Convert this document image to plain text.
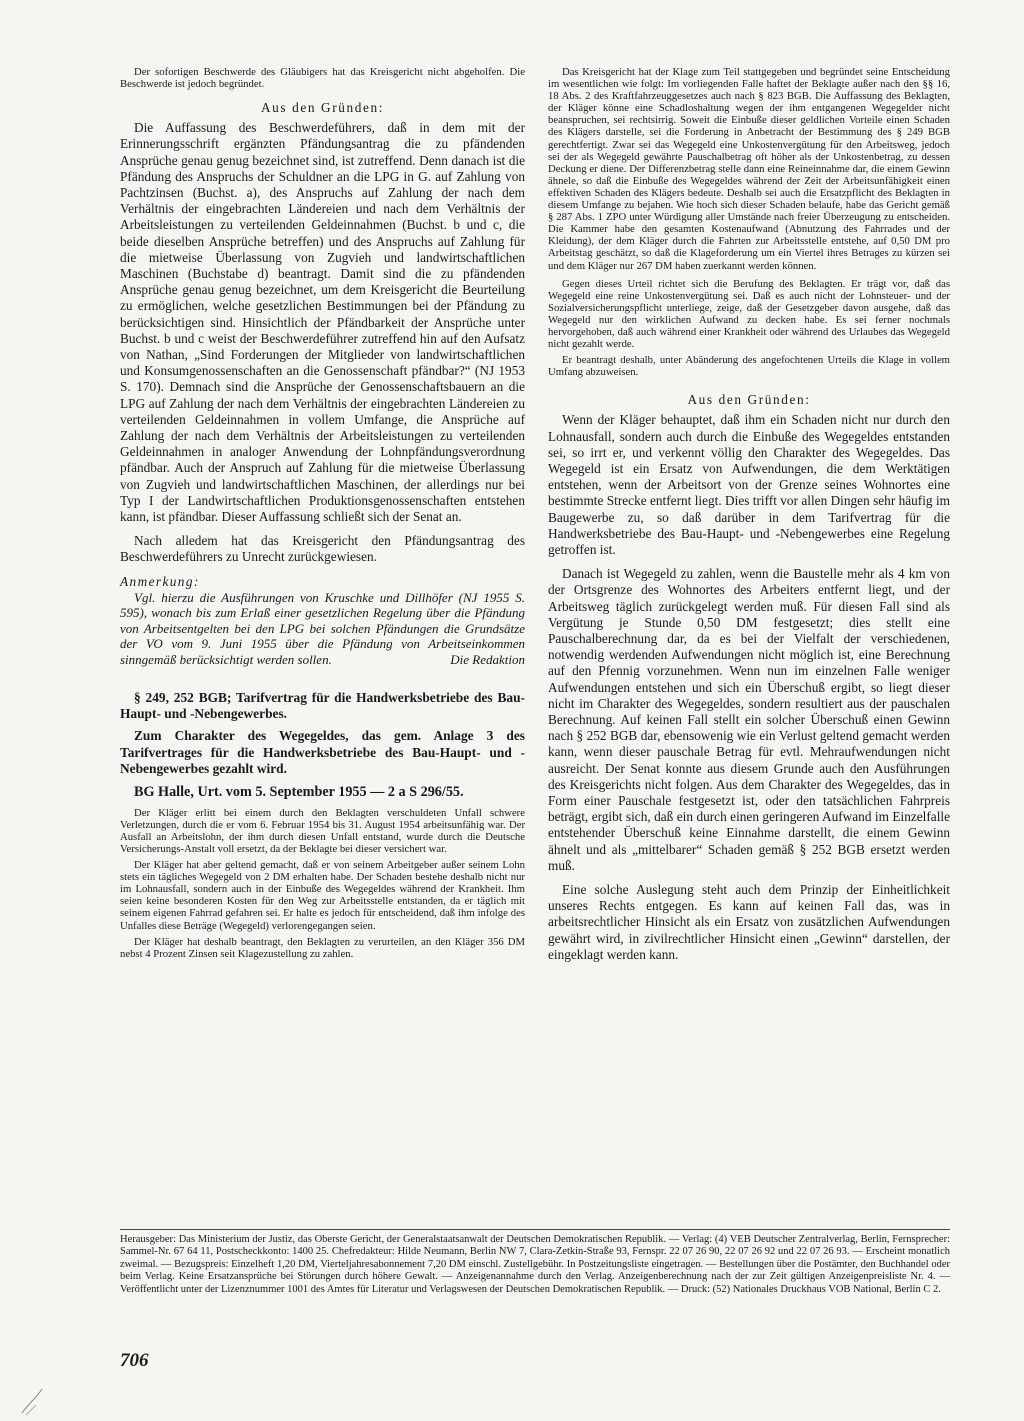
Der sofortigen Beschwerde des Gläubigers hat das Kreisgericht nicht abgeholfen. Die Beschwerde ist jedoch begründet.

Aus den Gründen:

Die Auffassung des Beschwerdeführers, daß in dem mit der Erinnerungsschrift ergänzten Pfändungsantrag die zu pfändenden Ansprüche genau genug bezeichnet sind, ist zutreffend. Denn danach ist die Pfändung des Anspruchs der Schuldner an die LPG in G. auf Zahlung von Pachtzinsen (Buchst. a), des Anspruchs auf Zahlung der nach dem Verhältnis der eingebrachten Ländereien und nach dem Verhältnis der Arbeitsleistungen zu verteilenden Geldeinnahmen (Buchst. b und c, die beide dieselben Ansprüche betreffen) und des Anspruchs auf Zahlung für die mietweise Überlassung von Zugvieh und landwirtschaftlichen Maschinen (Buchstabe d) beantragt. Damit sind die zu pfändenden Ansprüche genau genug bezeichnet, um dem Kreisgericht die Beurteilung zu ermöglichen, welche gesetzlichen Bestimmungen bei der Pfändung zu berücksichtigen sind. Hinsichtlich der Pfändbarkeit der Ansprüche unter Buchst. b und c weist der Beschwerdeführer zutreffend hin auf den Aufsatz von Nathan, „Sind Forderungen der Mitglieder von landwirtschaftlichen und Konsumgenossenschaften an die Genossenschaft pfändbar?“ (NJ 1953 S. 170). Demnach sind die Ansprüche der Genossenschaftsbauern an die LPG auf Zahlung der nach dem Verhältnis der eingebrachten Ländereien zu verteilenden Geldeinnahmen in vollem Umfange, die Ansprüche auf Zahlung der nach dem Verhältnis der Arbeitsleistungen zu verteilenden Geldeinnahmen in analoger Anwendung der Lohnpfändungsverordnung pfändbar. Auch der Anspruch auf Zahlung für die mietweise Überlassung von Zugvieh und landwirtschaftlichen Maschinen, der allerdings nur bei Typ I der Landwirtschaftlichen Produktionsgenossenschaften entstehen kann, ist pfändbar. Dieser Auffassung schließt sich der Senat an.

Nach alledem hat das Kreisgericht den Pfändungsantrag des Beschwerdeführers zu Unrecht zurückgewiesen.

Anmerkung:

Vgl. hierzu die Ausführungen von Kruschke und Dillhöfer (NJ 1955 S. 595), wonach bis zum Erlaß einer gesetzlichen Regelung über die Pfändung von Arbeitsentgelten bei den LPG bei solchen Pfändungen die Grundsätze der VO vom 9. Juni 1955 über die Pfändung von Arbeitseinkommen sinngemäß berücksichtigt werden sollen.	Die Redaktion

§ 249, 252 BGB; Tarifvertrag für die Handwerksbetriebe des Bau-Haupt- und -Nebengewerbes.

Zum Charakter des Wegegeldes, das gem. Anlage 3 des Tarifvertrages für die Handwerksbetriebe des Bau-Haupt- und -Nebengewerbes gezahlt wird.

BG Halle, Urt. vom 5. September 1955 — 2 a S 296/55.

Der Kläger erlitt bei einem durch den Beklagten verschuldeten Unfall schwere Verletzungen, durch die er vom 6. Februar 1954 bis 31. August 1954 arbeitsunfähig war. Der Ausfall an Arbeitslohn, der ihm durch diesen Unfall entstand, wurde durch die Deutsche Versicherungs-Anstalt voll ersetzt, da der Beklagte bei dieser versichert war.

Der Kläger hat aber geltend gemacht, daß er von seinem Arbeitgeber außer seinem Lohn stets ein tägliches Wegegeld von 2 DM erhalten habe. Der Schaden bestehe deshalb nicht nur im Lohnausfall, sondern auch in der Einbuße des Wegegeldes während der Krankheit. Ihm seien keine besonderen Kosten für den Weg zur Arbeitsstelle entstanden, da er täglich mit seinem eigenen Fahrrad gefahren sei. Er halte es jedoch für entscheidend, daß ihm infolge des Unfalles diese Beträge (Wegegeld) verlorengegangen seien.

Der Kläger hat deshalb beantragt, den Beklagten zu verurteilen, an den Kläger 356 DM nebst 4 Prozent Zinsen seit Klagezustellung zu zahlen.

Das Kreisgericht hat der Klage zum Teil stattgegeben und begründet seine Entscheidung im wesentlichen wie folgt: Im vorliegenden Falle haftet der Beklagte außer nach den §§ 16, 18 Abs. 2 des Kraftfahrzeuggesetzes auch nach § 823 BGB. Die Auffassung des Beklagten, der Kläger könne eine Schadloshaltung wegen der ihm entgangenen Wegegelder nicht beanspruchen, sei rechtsirrig. Soweit die Einbuße dieser geldlichen Vorteile einen Schaden des Klägers darstelle, sei die Forderung in Anbetracht der Bestimmung des § 249 BGB gerechtfertigt. Zwar sei das Wegegeld eine Unkostenvergütung für den Arbeitsweg, jedoch sei der als Wegegeld gewährte Pauschalbetrag oft höher als der Unkostenbetrag, zu dessen Deckung er diene. Der Differenzbetrag stelle dann eine Reineinnahme dar, die einem Gewinn ähnele, so daß die Einbuße des Wegegeldes während der Zeit der Arbeitsunfähigkeit einen effektiven Schaden des Klägers bedeute. Deshalb sei auch die Ersatzpflicht des Beklagten in diesem Umfange zu bejahen. Wie hoch sich dieser Schaden belaufe, habe das Gericht gemäß § 287 Abs. 1 ZPO unter Würdigung aller Umstände nach freier Überzeugung zu entscheiden. Die Kammer habe den gesamten Kostenaufwand (Abnutzung des Fahrrades und der Kleidung), der dem Kläger durch die Fahrten zur Arbeitsstelle entstehe, auf 0,50 DM pro Arbeitstag geschätzt, so daß die Klageforderung um ein Viertel ihres Betrages zu kürzen sei und dem Kläger nur 267 DM haben zuerkannt werden können.

Gegen dieses Urteil richtet sich die Berufung des Beklagten. Er trägt vor, daß das Wegegeld eine reine Unkostenvergütung sei. Daß es auch nicht der Lohnsteuer- und der Sozialversicherungspflicht unterliege, zeige, daß der Gesetzgeber davon ausgehe, daß das Wegegeld nur den wirklichen Aufwand zu decken habe. Es sei ferner nochmals hervorgehoben, daß auch während einer Krankheit oder während des Urlaubes das Wegegeld nicht gezahlt werde.

Er beantragt deshalb, unter Abänderung des angefochtenen Urteils die Klage in vollem Umfang abzuweisen.

Aus den Gründen:

Wenn der Kläger behauptet, daß ihm ein Schaden nicht nur durch den Lohnausfall, sondern auch durch die Einbuße des Wegegeldes entstanden sei, so irrt er, und verkennt völlig den Charakter des Wegegeldes. Das Wegegeld ist ein Ersatz von Aufwendungen, die dem Werktätigen entstehen, wenn der Arbeitsort von der Grenze seines Wohnortes eine bestimmte Strecke entfernt liegt. Dies trifft vor allen Dingen sehr häufig im Baugewerbe zu, so daß darüber in dem Tarifvertrag für die Handwerksbetriebe des Bau-Haupt- und -Nebengewerbes eine Regelung getroffen ist.

Danach ist Wegegeld zu zahlen, wenn die Baustelle mehr als 4 km von der Ortsgrenze des Wohnortes des Arbeiters entfernt liegt, und der Arbeitsweg täglich zurückgelegt werden muß. Für diesen Fall sind als Vergütung je Stunde 0,50 DM festgesetzt; dies stellt eine Pauschalberechnung dar, da es bei der Vielfalt der verschiedenen, notwendig werdenden Aufwendungen nicht möglich ist, eine Berechnung auf den Pfennig vorzunehmen. Wenn nun im einzelnen Falle weniger Aufwendungen entstehen und sich ein Überschuß ergibt, so liegt dieser nicht im Charakter des Wegegeldes, sondern resultiert aus der pauschalen Berechnung. Auf keinen Fall stellt ein solcher Überschuß einen Gewinn nach § 252 BGB dar, ebensowenig wie ein Verlust geltend gemacht werden kann, wenn dieser pauschale Betrag für evtl. Mehraufwendungen nicht ausreicht. Der Senat konnte aus diesem Grunde auch den Ausführungen des Kreisgerichts nicht folgen. Aus dem Charakter des Wegegeldes, das in Form einer Pauschale festgesetzt ist, oder den tatsächlichen Fahrpreis beträgt, ergibt sich, daß ein durch einen geringeren Aufwand im Einzelfalle entstehender Überschuß keine Einnahme darstellt, die einem Gewinn ähnelt und als „mittelbarer“ Schaden gemäß § 252 BGB ersetzt werden muß.

Eine solche Auslegung steht auch dem Prinzip der Einheitlichkeit unseres Rechts entgegen. Es kann auf keinen Fall das, was in arbeitsrechtlicher Hinsicht als ein Ersatz von zusätzlichen Aufwendungen gewährt wird, in zivilrechtlicher Hinsicht einen „Gewinn“ darstellen, der eingeklagt werden kann.

Herausgeber: Das Ministerium der Justiz, das Oberste Gericht, der Generalstaatsanwalt der Deutschen Demokratischen Republik. — Verlag: (4) VEB Deutscher Zentralverlag, Berlin, Fernsprecher: Sammel-Nr. 67 64 11, Postscheckkonto: 1400 25. Chefredakteur: Hilde Neumann, Berlin NW 7, Clara-Zetkin-Straße 93, Fernspr. 22 07 26 90, 22 07 26 92 und 22 07 26 93. — Erscheint monatlich zweimal. — Bezugspreis: Einzelheft 1,20 DM, Vierteljahresabonnement 7,20 DM einschl. Zustellgebühr. In Postzeitungsliste eingetragen. — Bestellungen über die Postämter, den Buchhandel oder beim Verlag. Keine Ersatzansprüche bei Störungen durch höhere Gewalt. — Anzeigenannahme durch den Verlag. Anzeigenberechnung nach der zur Zeit gültigen Anzeigenpreisliste Nr. 4. — Veröffentlicht unter der Lizenznummer 1001 des Amtes für Literatur und Verlagswesen der Deutschen Demokratischen Republik. — Druck: (52) Nationales Druckhaus VOB National, Berlin C 2.

706
